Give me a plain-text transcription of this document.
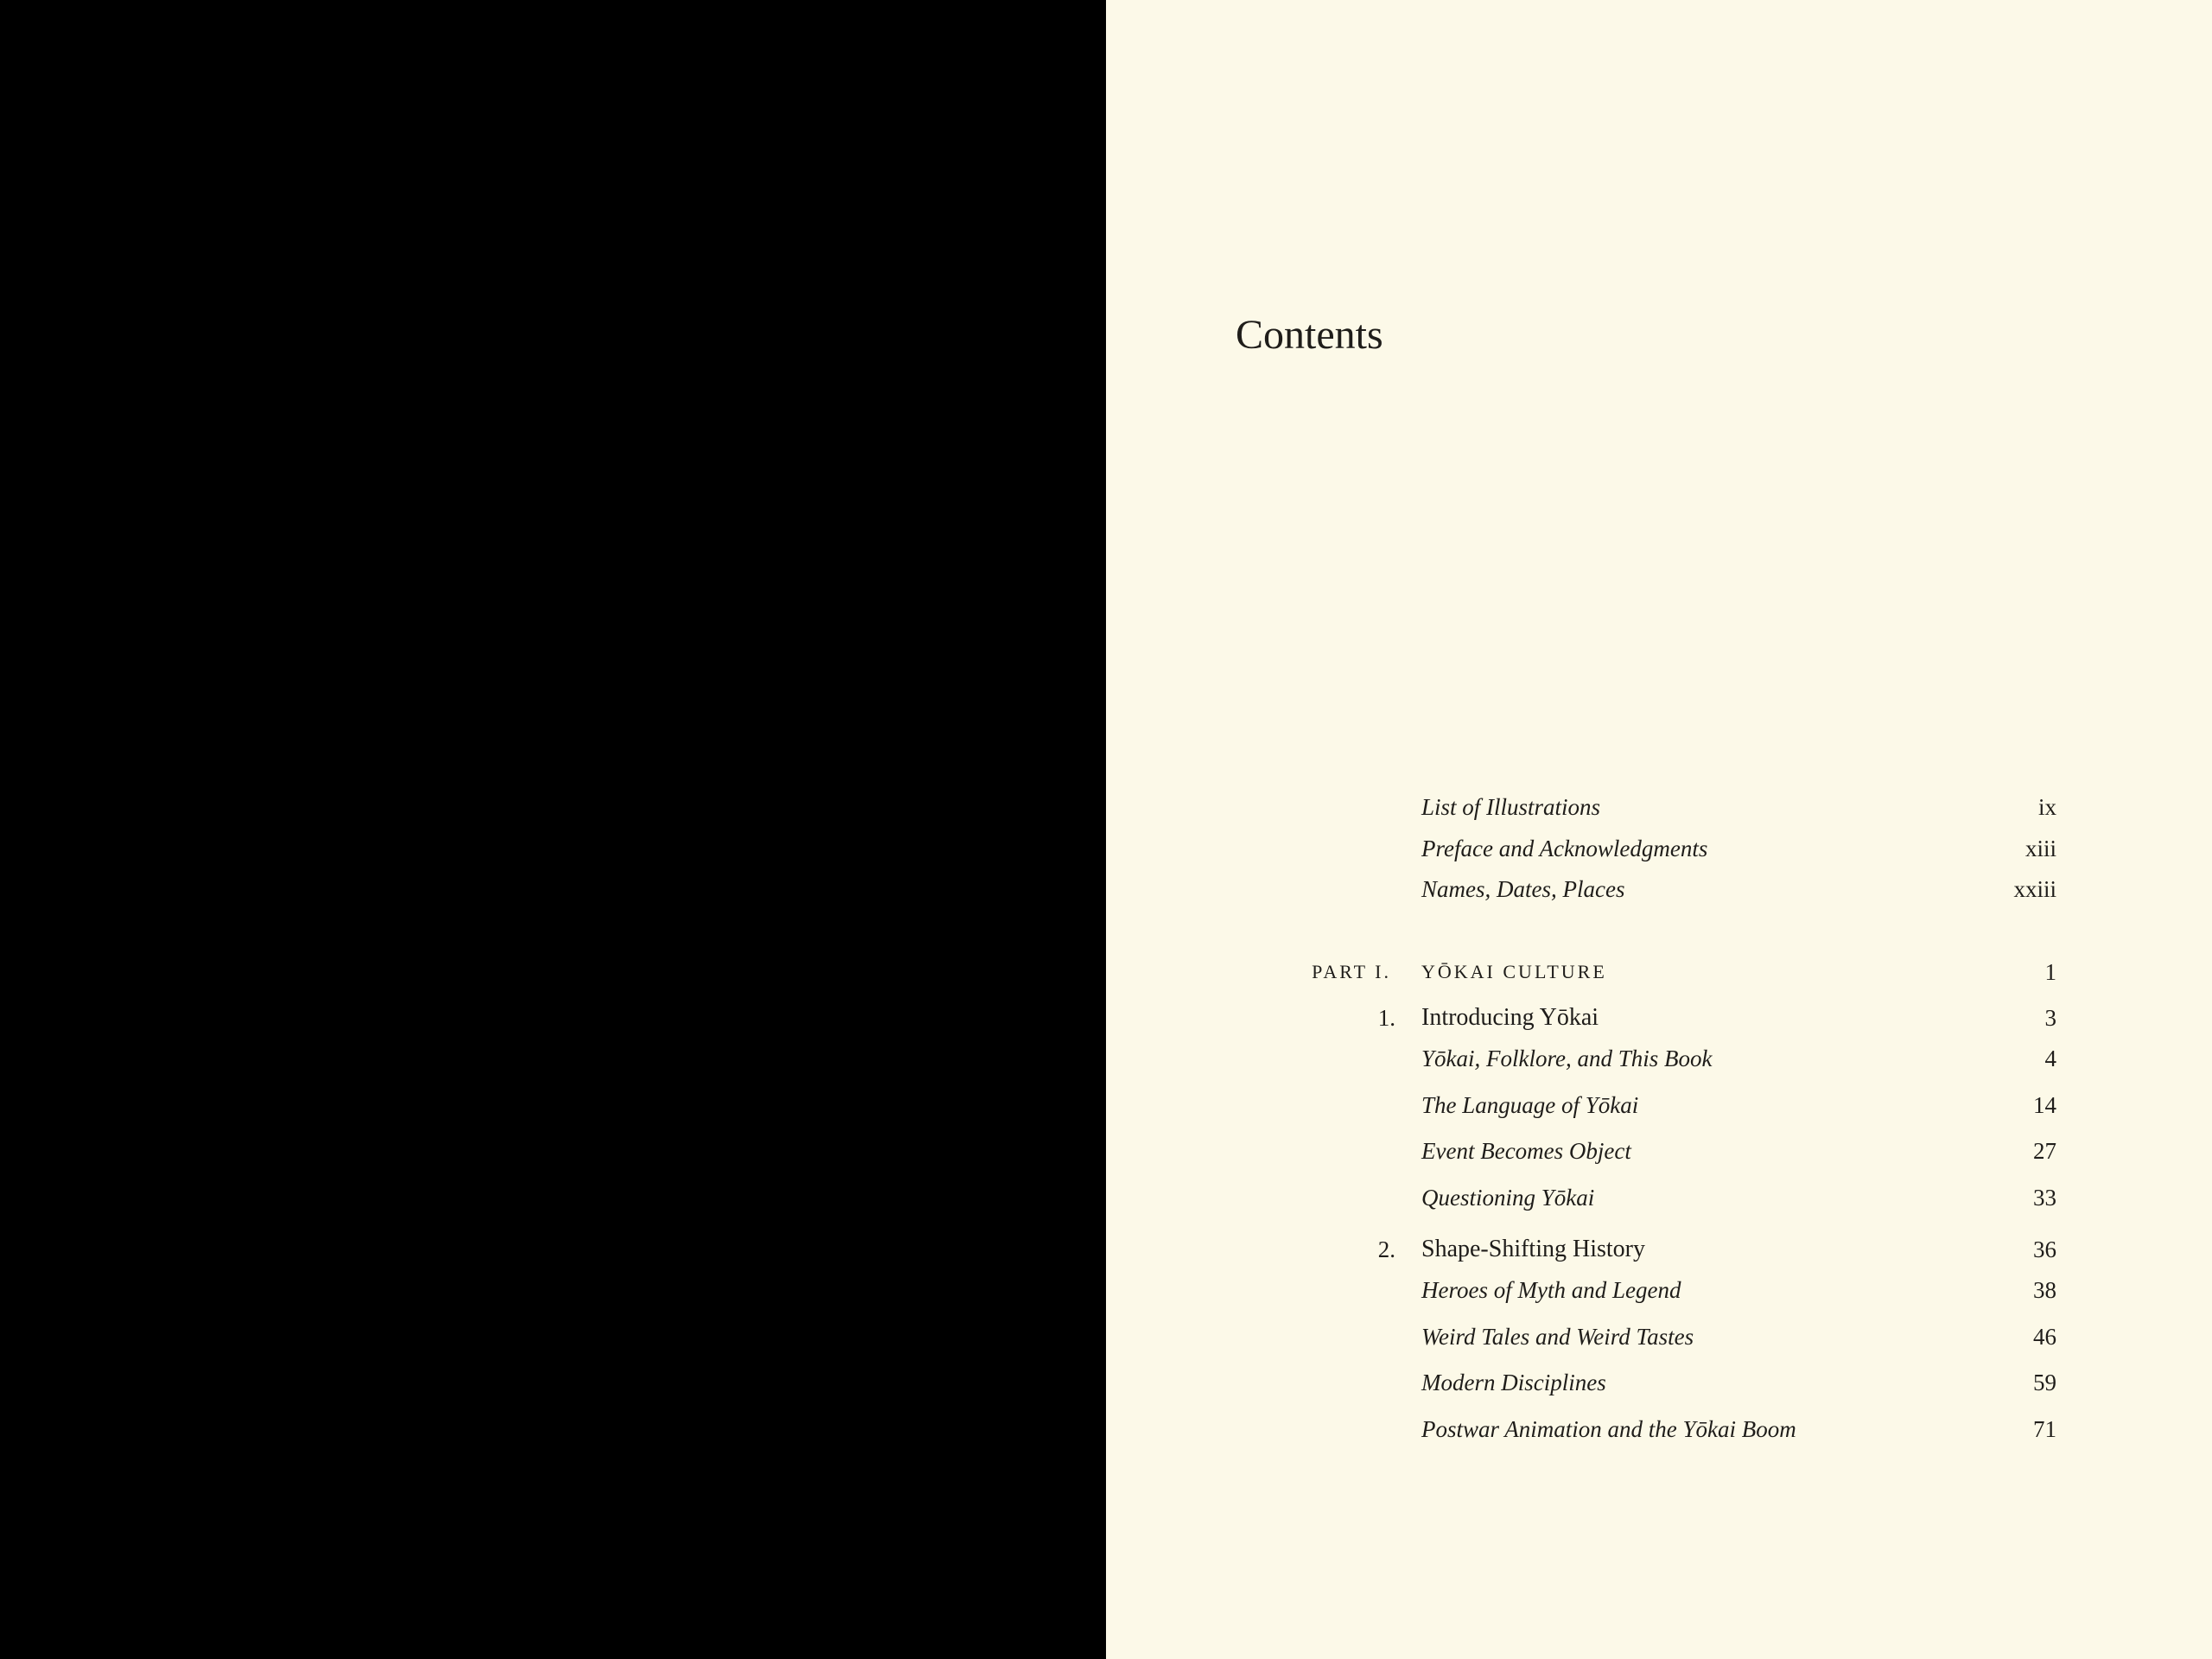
Contents
List of Illustrations	ix
Preface and Acknowledgments	xiii
Names, Dates, Places	xxiii
PART I. YŌKAI CULTURE	1
1. Introducing Yōkai	3
Yōkai, Folklore, and This Book	4
The Language of Yōkai	14
Event Becomes Object	27
Questioning Yōkai	33
2. Shape-Shifting History	36
Heroes of Myth and Legend	38
Weird Tales and Weird Tastes	46
Modern Disciplines	59
Postwar Animation and the Yōkai Boom	71
